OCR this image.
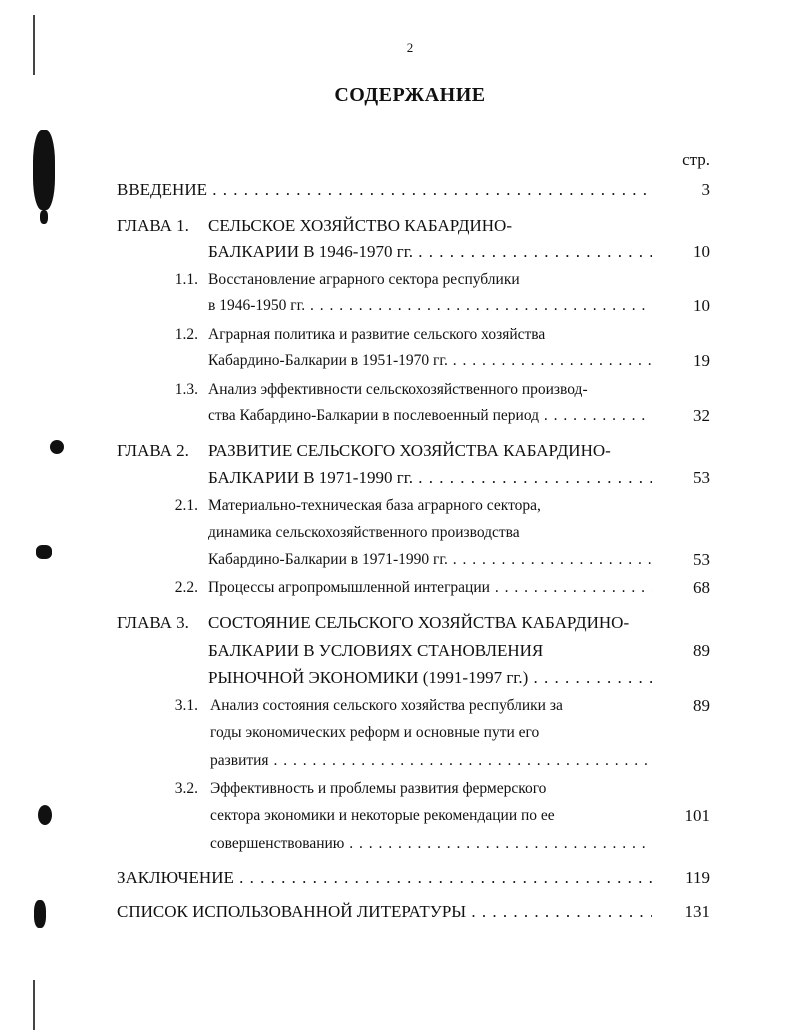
2
СОДЕРЖАНИЕ
стр.
ВВЕДЕНИЕ . . .	3
ГЛАВА 1. СЕЛЬСКОЕ ХОЗЯЙСТВО КАБАРДИНО-
БАЛКАРИИ В 1946-1970 гг. . . .	10
1.1. Восстановление аграрного сектора республики
в 1946-1950 гг. . . .	10
1.2. Аграрная политика и развитие сельского хозяйства
Кабардино-Балкарии в 1951-1970 гг. . . .	19
1.3. Анализ эффективности сельскохозяйственного производ-
ства Кабардино-Балкарии в послевоенный период . . .	32
ГЛАВА 2. РАЗВИТИЕ СЕЛЬСКОГО ХОЗЯЙСТВА КАБАРДИНО-
БАЛКАРИИ В 1971-1990 гг. . . .	53
2.1. Материально-техническая база аграрного сектора,
динамика сельскохозяйственного производства
Кабардино-Балкарии в 1971-1990 гг. . . .	53
2.2. Процессы агропромышленной интеграции . . .	68
ГЛАВА 3. СОСТОЯНИЕ СЕЛЬСКОГО ХОЗЯЙСТВА КАБАРДИНО-
БАЛКАРИИ В УСЛОВИЯХ СТАНОВЛЕНИЯ	89
РЫНОЧНОЙ ЭКОНОМИКИ (1991-1997 гг.) . . .
3.1. Анализ состояния сельского хозяйства республики за	89
годы экономических реформ и основные пути его
развития . . .
3.2. Эффективность и проблемы развития фермерского
сектора экономики и некоторые рекомендации по ее	101
совершенствованию . . .
ЗАКЛЮЧЕНИЕ . . .	119
СПИСОК ИСПОЛЬЗОВАННОЙ ЛИТЕРАТУРЫ . . .	131
